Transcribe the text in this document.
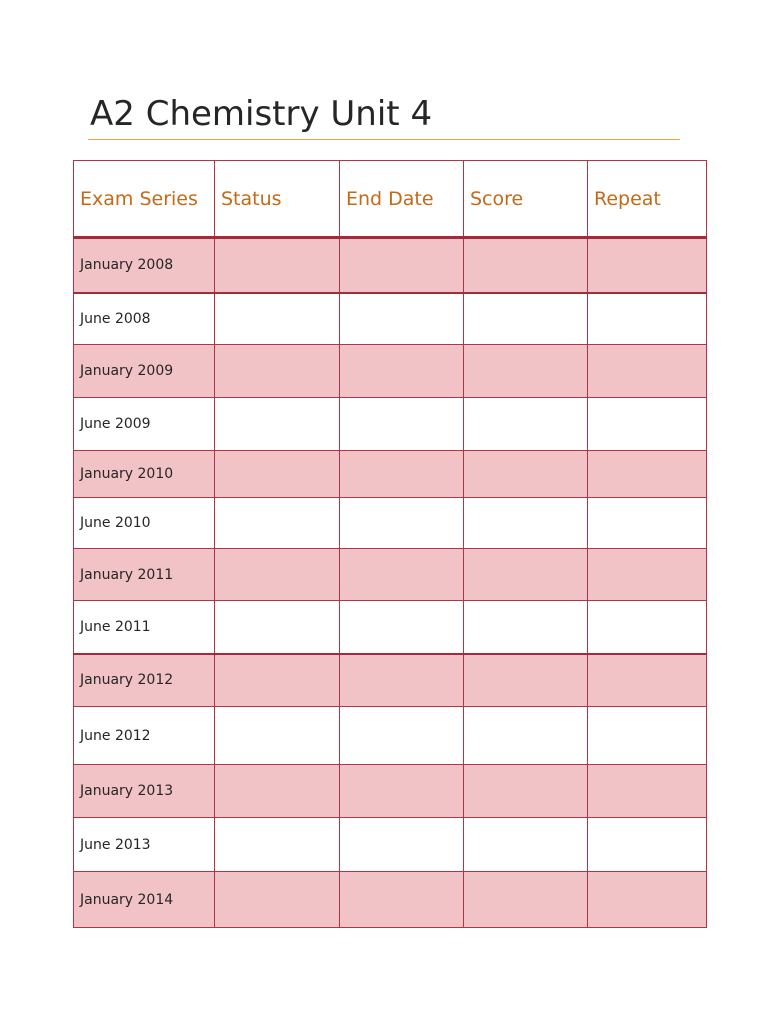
A2 Chemistry Unit 4
Exam Series	Status	End Date	Score	Repeat
January 2008				
June 2008				
January 2009				
June 2009				
January 2010				
June 2010				
January 2011				
June 2011				
January 2012				
June 2012				
January 2013				
June 2013				
January 2014				
